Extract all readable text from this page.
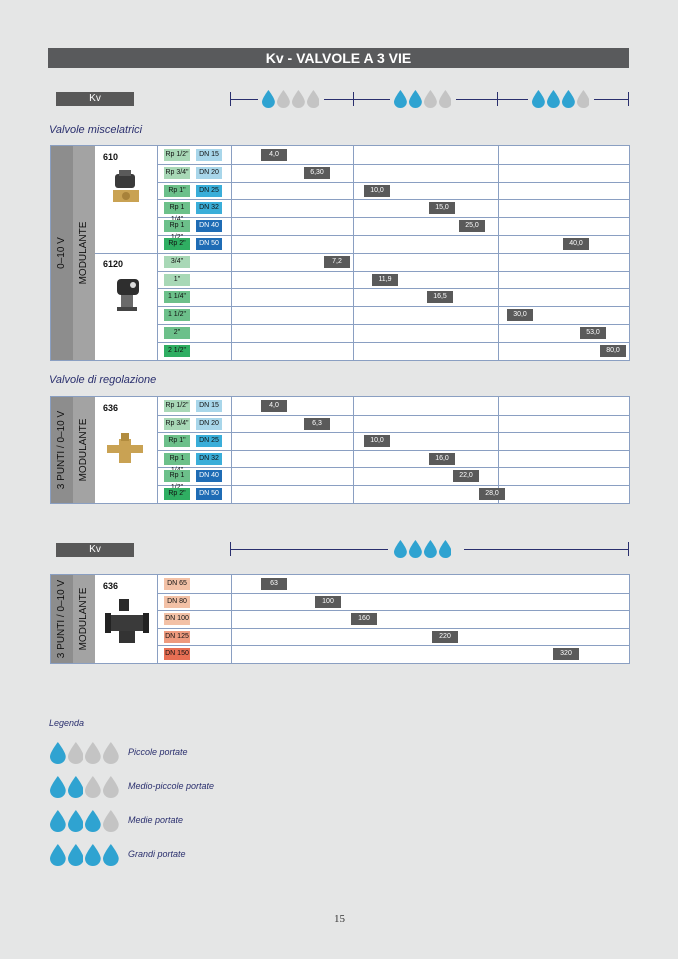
Kv - VALVOLE A 3 VIE
Kv
Valvole miscelatrici
0–10 V MODULANTE
610	Rp 1/2"	DN 15	4,0
Rp 3/4"	DN 20	6,30
Rp 1"	DN 25	10,0
Rp 1	DN 32	15,0
Rp 1	DN 40	25,0
Rp 2"	DN 50	40,0
6120	3/4"	7,2
1"	11,9
1 1/4"	16,5
1 1/2"	30,0
2"	53,0
2 1/2"	80,0
Valvole di regolazione
3 PUNTI / 0–10 V MODULANTE
636	Rp 1/2"	DN 15	4,0
Rp 3/4"	DN 20	6,3
Rp 1"	DN 25	10,0
Rp 1	DN 32	16,0
Rp 1	DN 40	22,0
Rp 2"	DN 50	28,0
Kv
3 PUNTI / 0–10 V MODULANTE
636	DN 65	63
DN 80	100
DN 100	160
DN 125	220
DN 150	320
Legenda
Piccole portate
Medio-piccole portate
Medie portate
Grandi portate
15
